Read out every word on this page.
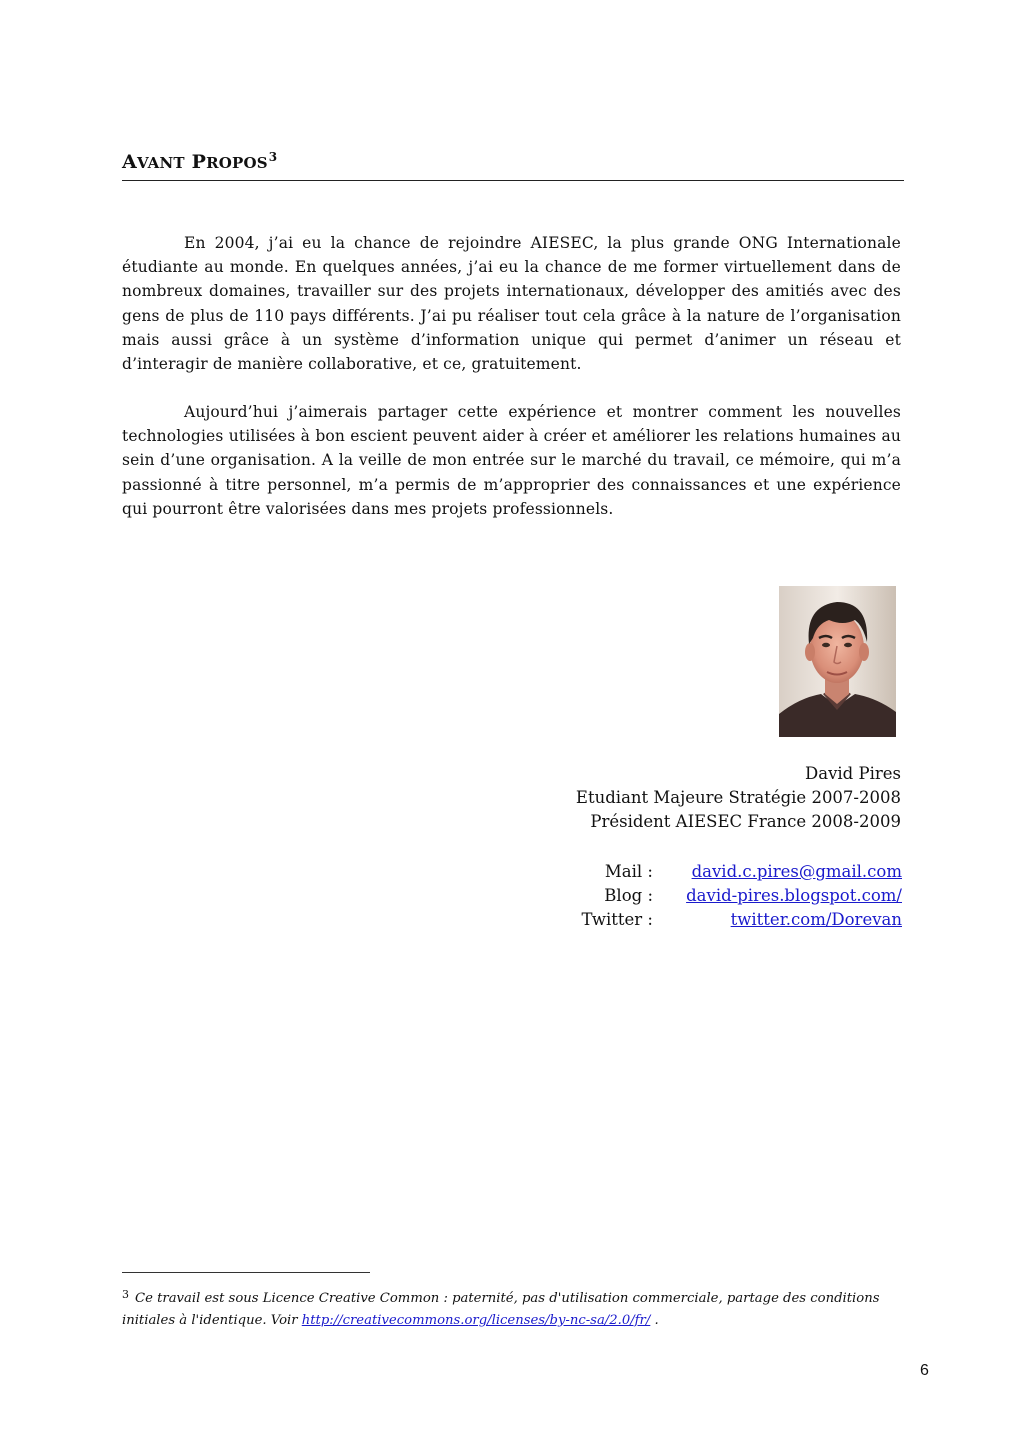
AVANT PROPOS$^3$

En 2004, j’ai eu la chance de rejoindre AIESEC, la plus grande ONG Internationale étudiante au monde. En quelques années, j’ai eu la chance de me former virtuellement dans de nombreux domaines, travailler sur des projets internationaux, développer des amitiés avec des gens de plus de 110 pays différents. J’ai pu réaliser tout cela grâce à la nature de l’organisation mais aussi grâce à un système d’information unique qui permet d’animer un réseau et d’interagir de manière collaborative, et ce, gratuitement.

Aujourd’hui j’aimerais partager cette expérience et montrer comment les nouvelles technologies utilisées à bon escient peuvent aider à créer et améliorer les relations humaines au sein d’une organisation. A la veille de mon entrée sur le marché du travail, ce mémoire, qui m’a passionné à titre personnel, m’a permis de m’approprier des connaissances et une expérience qui pourront être valorisées dans mes projets professionnels.

David Pires
Etudiant Majeure Stratégie 2007-2008
Président AIESEC France 2008-2009
Mail : david.c.pires@gmail.com
Blog : david-pires.blogspot.com/
Twitter :	twitter.com/Dorevan
$^3$ Ce travail est sous Licence Creative Common : paternité, pas d'utilisation commerciale, partage des conditions initiales à l'identique. Voir http://creativecommons.org/licenses/by-nc-sa/2.0/fr/ .
6
